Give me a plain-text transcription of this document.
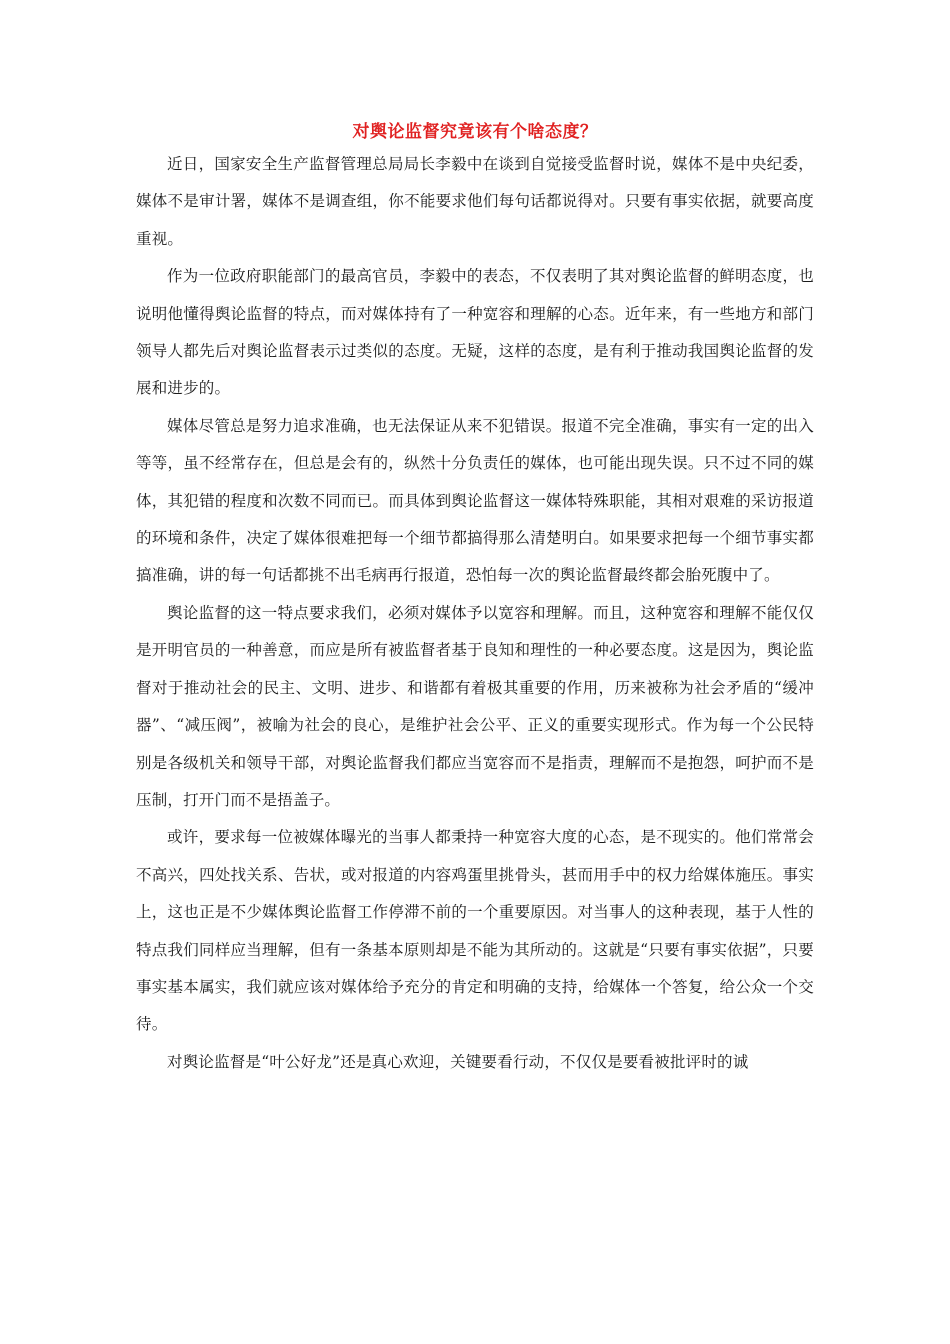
对舆论监督究竟该有个啥态度？

近日，国家安全生产监督管理总局局长李毅中在谈到自觉接受监督时说，媒体不是中央纪委，媒体不是审计署，媒体不是调查组，你不能要求他们每句话都说得对。只要有事实依据，就要高度重视。

作为一位政府职能部门的最高官员，李毅中的表态，不仅表明了其对舆论监督的鲜明态度，也说明他懂得舆论监督的特点，而对媒体持有了一种宽容和理解的心态。近年来，有一些地方和部门领导人都先后对舆论监督表示过类似的态度。无疑，这样的态度，是有利于推动我国舆论监督的发展和进步的。

媒体尽管总是努力追求准确，也无法保证从来不犯错误。报道不完全准确，事实有一定的出入等等，虽不经常存在，但总是会有的，纵然十分负责任的媒体，也可能出现失误。只不过不同的媒体，其犯错的程度和次数不同而已。而具体到舆论监督这一媒体特殊职能，其相对艰难的采访报道的环境和条件，决定了媒体很难把每一个细节都搞得那么清楚明白。如果要求把每一个细节事实都搞准确，讲的每一句话都挑不出毛病再行报道，恐怕每一次的舆论监督最终都会胎死腹中了。

舆论监督的这一特点要求我们，必须对媒体予以宽容和理解。而且，这种宽容和理解不能仅仅是开明官员的一种善意，而应是所有被监督者基于良知和理性的一种必要态度。这是因为，舆论监督对于推动社会的民主、文明、进步、和谐都有着极其重要的作用，历来被称为社会矛盾的“缓冲器”、“减压阀”，被喻为社会的良心，是维护社会公平、正义的重要实现形式。作为每一个公民特别是各级机关和领导干部，对舆论监督我们都应当宽容而不是指责，理解而不是抱怨，呵护而不是压制，打开门而不是捂盖子。

或许，要求每一位被媒体曝光的当事人都秉持一种宽容大度的心态，是不现实的。他们常常会不高兴，四处找关系、告状，或对报道的内容鸡蛋里挑骨头，甚而用手中的权力给媒体施压。事实上，这也正是不少媒体舆论监督工作停滞不前的一个重要原因。对当事人的这种表现，基于人性的特点我们同样应当理解，但有一条基本原则却是不能为其所动的。这就是“只要有事实依据”，只要事实基本属实，我们就应该对媒体给予充分的肯定和明确的支持，给媒体一个答复，给公众一个交待。

对舆论监督是“叶公好龙”还是真心欢迎，关键要看行动，不仅仅是要看被批评时的诚
